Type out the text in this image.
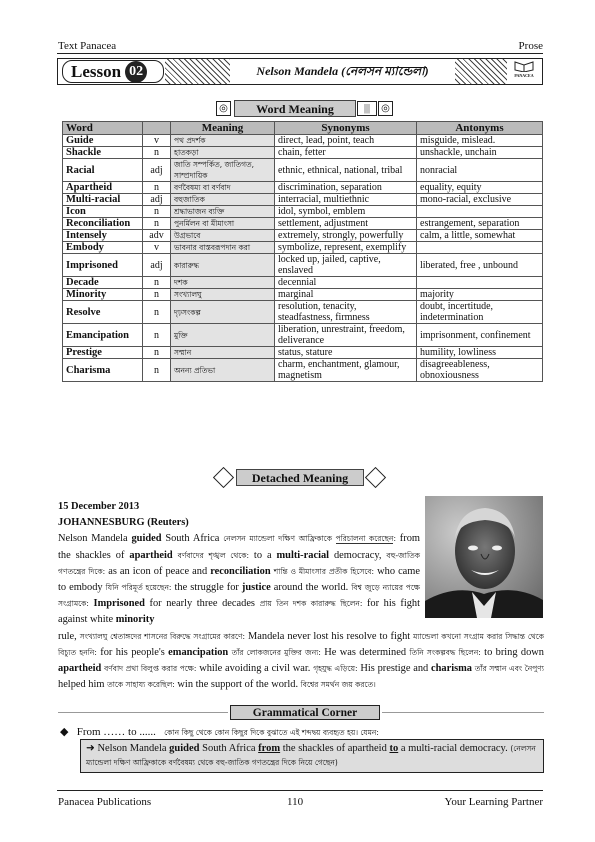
Text Panacea	Prose
Lesson 02	Nelson Mandela (নেলসন ম্যান্ডেলা)	PANACEA
◎	Word Meaning	|||	◎
Word		Meaning	Synonyms	Antonyms
Guide	v	পথ প্রদর্শক	direct, lead, point, teach	misguide, mislead.
Shackle	n	হাতকড়া	chain, fetter	unshackle, unchain
Racial	adj	জাতি সম্পর্কিত, জাতিগত, সাম্প্রদায়িক	ethnic, ethnical, national, tribal	nonracial
Apartheid	n	বর্ণবৈষম্য বা বর্ণবাদ	discrimination, separation	equality, equity
Multi-racial	adj	বহুজাতিক	interracial, multiethnic	mono-racial, exclusive
Icon	n	শ্রদ্ধাভাজন ব্যক্তি	idol, symbol, emblem	
Reconciliation	n	পুনর্মিলন বা মীমাংসা	settlement, adjustment	estrangement, separation
Intensely	adv	উগ্রভাবে	extremely, strongly, powerfully	calm, a little, somewhat
Embody	v	ভাবনার বাস্তবরূপদান করা	symbolize, represent, exemplify	
Imprisoned	adj	কারারুদ্ধ	locked up, jailed, captive, enslaved	liberated, free , unbound
Decade	n	দশক	decennial	
Minority	n	সংখ্যালঘু	marginal	majority
Resolve	n	দৃঢ়সংকল্প	resolution, tenacity, steadfastness, firmness	doubt, incertitude, indetermination
Emancipation	n	মুক্তি	liberation, unrestraint, freedom, deliverance	imprisonment, confinement
Prestige	n	সম্মান	status, stature	humility, lowliness
Charisma	n	অনন্য প্রতিভা	charm, enchantment, glamour, magnetism	disagreeableness, obnoxiousness
Detached Meaning
15 December 2013
JOHANNESBURG (Reuters)
Nelson Mandela guided South Africa নেলসন ম্যান্ডেলা দক্ষিণ আফ্রিকাকে পরিচালনা করেছেন: from the shackles of apartheid বর্ণবাদের শৃঙ্খল থেকে: to a multi-racial democracy, বহু-জাতিক গণতন্ত্রের দিকে: as an icon of peace and reconciliation শান্তি ও মীমাংসার প্রতীক হিসেবে: who came to embody যিনি পরিমূর্ত হয়েছেন: the struggle for justice around the world. বিশ্ব জুড়ে ন্যায়ের পক্ষে সংগ্রামকে: Imprisoned for nearly three decades প্রায় তিন দশক কারারুদ্ধ ছিলেন: for his fight against white minority
rule, সংখ্যালঘু শ্বেতাঙ্গদের শাসনের বিরুদ্ধে সংগ্রামের কারণে: Mandela never lost his resolve to fight ম্যান্ডেলা কখনো সংগ্রাম করার সিদ্ধান্ত থেকে বিচ্যুত হননি: for his people's emancipation তাঁর লোকজনের মুক্তির জন্য: He was determined তিনি সংকল্পবদ্ধ ছিলেন: to bring down apartheid বর্ণবাদ প্রথা বিলুপ্ত করার পক্ষে: while avoiding a civil war. গৃহযুদ্ধ এড়িয়ে: His prestige and charisma তাঁর সম্মান এবং নৈপুণ্য helped him তাকে সাহায্য করেছিল: win the support of the world. বিশ্বের সমর্থন জয় করতে।
Grammatical Corner
◆ From …… to ...... কোন কিছু থেকে কোন কিছুর দিকে বুঝাতে এই শব্দদ্বয় ব্যবহৃত হয়। যেমন:
➜ Nelson Mandela guided South Africa from the shackles of apartheid to a multi-racial democracy. (নেলসন ম্যান্ডেলা দক্ষিণ আফ্রিকাকে বর্ণবৈষম্য থেকে বহু-জাতিক গণতন্ত্রের দিকে নিয়ে গেছেন)
Panacea Publications	110	Your Learning Partner
